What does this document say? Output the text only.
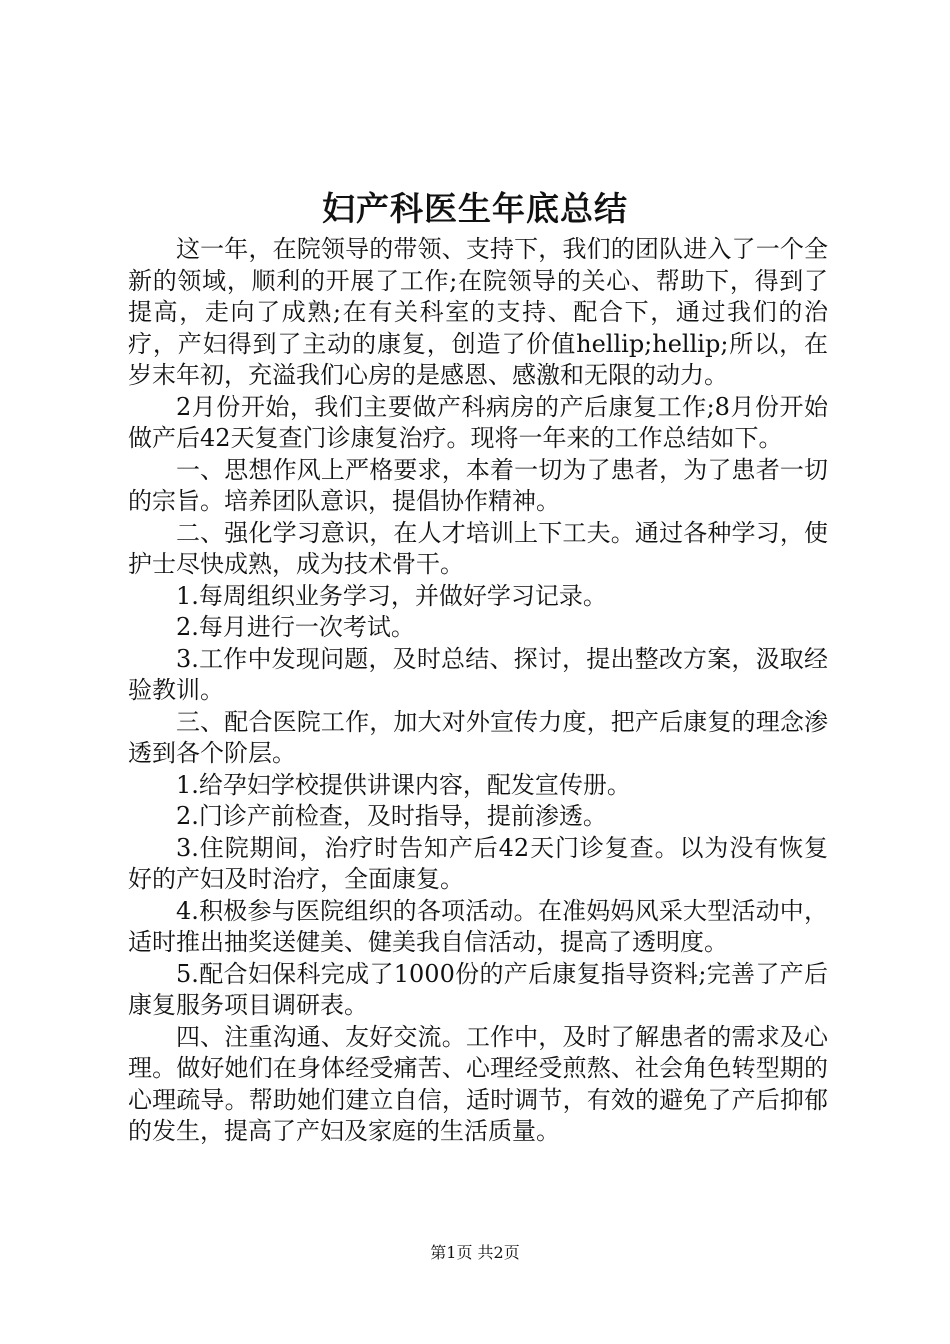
妇产科医生年底总结

这一年，在院领导的带领、支持下，我们的团队进入了一个全新的领域，顺利的开展了工作;在院领导的关心、帮助下，得到了提高，走向了成熟;在有关科室的支持、配合下，通过我们的治疗，产妇得到了主动的康复，创造了价值hellip;hellip;所以，在岁末年初，充溢我们心房的是感恩、感激和无限的动力。

2月份开始，我们主要做产科病房的产后康复工作;8月份开始做产后42天复查门诊康复治疗。现将一年来的工作总结如下。

一、思想作风上严格要求，本着一切为了患者，为了患者一切的宗旨。培养团队意识，提倡协作精神。

二、强化学习意识，在人才培训上下工夫。通过各种学习，使护士尽快成熟，成为技术骨干。

1.每周组织业务学习，并做好学习记录。

2.每月进行一次考试。

3.工作中发现问题，及时总结、探讨，提出整改方案，汲取经验教训。

三、配合医院工作，加大对外宣传力度，把产后康复的理念渗透到各个阶层。

1.给孕妇学校提供讲课内容，配发宣传册。

2.门诊产前检查，及时指导，提前渗透。

3.住院期间，治疗时告知产后42天门诊复查。以为没有恢复好的产妇及时治疗，全面康复。

4.积极参与医院组织的各项活动。在准妈妈风采大型活动中，适时推出抽奖送健美、健美我自信活动，提高了透明度。

5.配合妇保科完成了1000份的产后康复指导资料;完善了产后康复服务项目调研表。

四、注重沟通、友好交流。工作中，及时了解患者的需求及心理。做好她们在身体经受痛苦、心理经受煎熬、社会角色转型期的心理疏导。帮助她们建立自信，适时调节，有效的避免了产后抑郁的发生，提高了产妇及家庭的生活质量。

第1页 共2页
